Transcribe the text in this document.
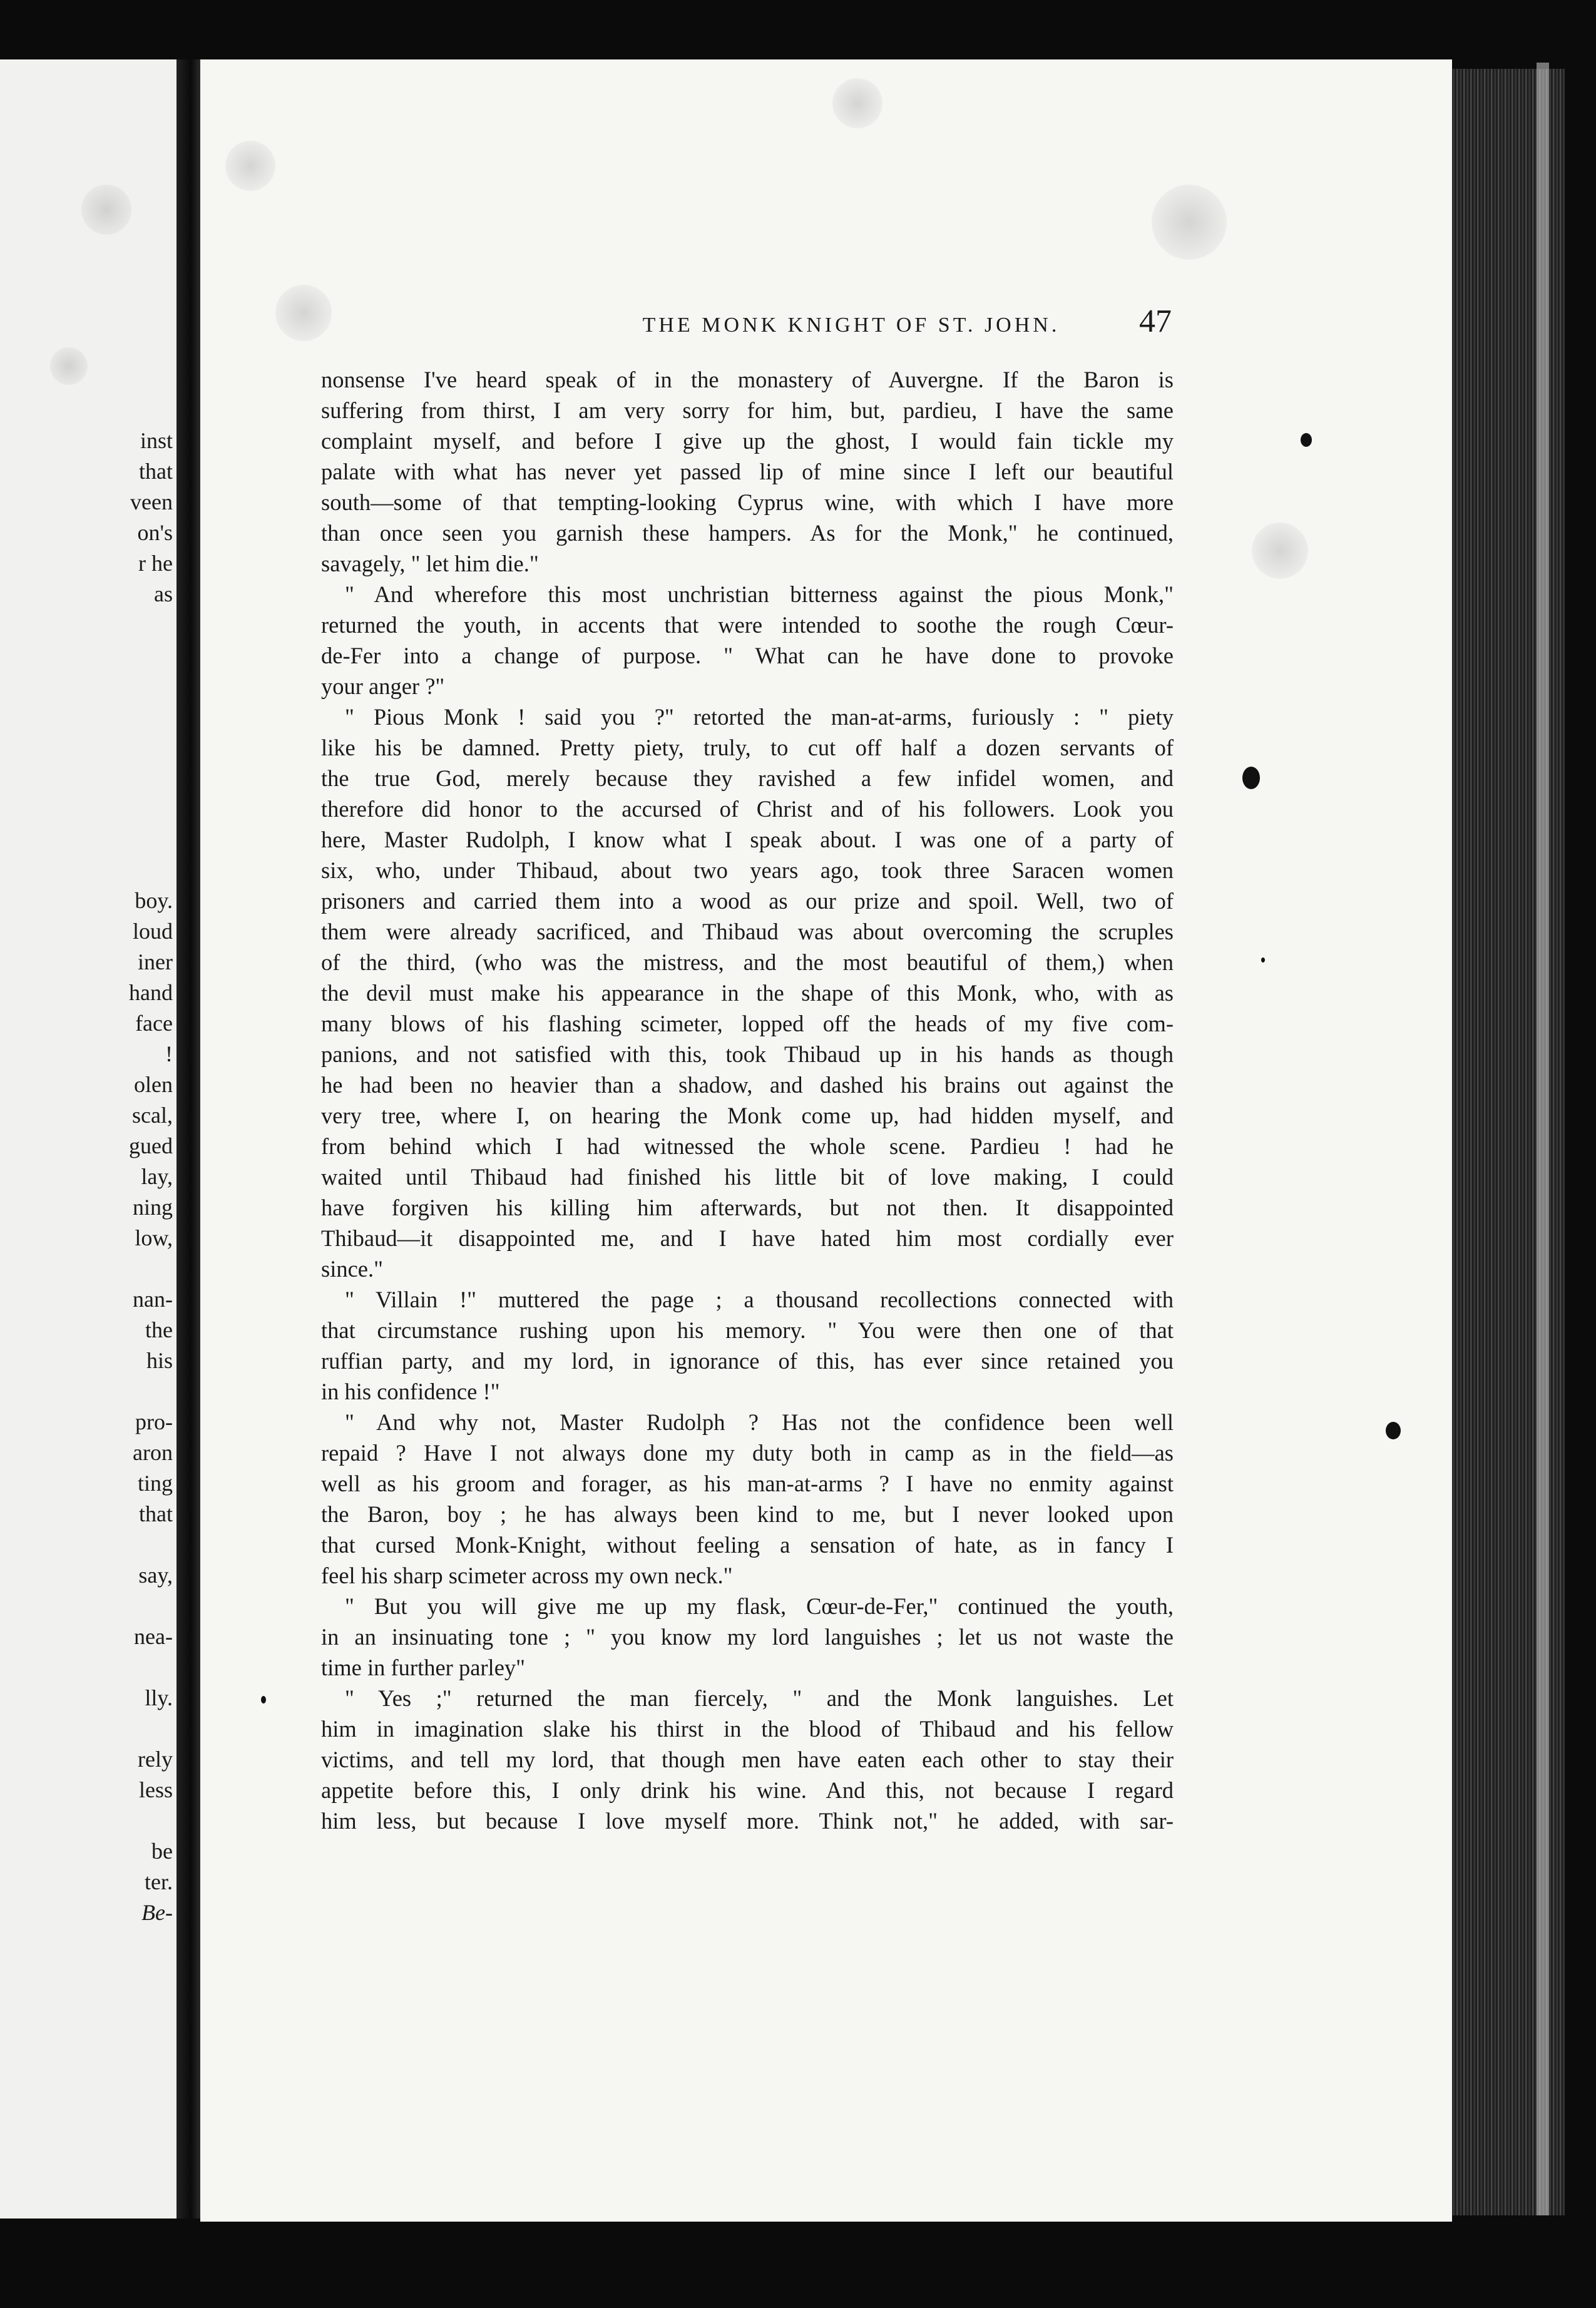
inst
that
veen
on's
r he
as
boy.
loud
iner
hand
face
!
olen
scal,
gued
lay,
ning
low,
nan-
the
his
pro-
aron
ting
that
say,
nea-
lly.
rely
less
be
ter.
Be-
THE MONK KNIGHT OF ST. JOHN.	47
nonsense I've heard speak of in the monastery of Auvergne. If the Baron is
suffering from thirst, I am very sorry for him, but, pardieu, I have the same
complaint myself, and before I give up the ghost, I would fain tickle my
palate with what has never yet passed lip of mine since I left our beautiful
south—some of that tempting-looking Cyprus wine, with which I have more
than once seen you garnish these hampers. As for the Monk," he continued,
savagely, " let him die."
" And wherefore this most unchristian bitterness against the pious Monk,"
returned the youth, in accents that were intended to soothe the rough Cœur-
de-Fer into a change of purpose. " What can he have done to provoke
your anger ?"
" Pious Monk ! said you ?" retorted the man-at-arms, furiously : " piety
like his be damned. Pretty piety, truly, to cut off half a dozen servants of
the true God, merely because they ravished a few infidel women, and
therefore did honor to the accursed of Christ and of his followers. Look you
here, Master Rudolph, I know what I speak about. I was one of a party of
six, who, under Thibaud, about two years ago, took three Saracen women
prisoners and carried them into a wood as our prize and spoil. Well, two of
them were already sacrificed, and Thibaud was about overcoming the scruples
of the third, (who was the mistress, and the most beautiful of them,) when
the devil must make his appearance in the shape of this Monk, who, with as
many blows of his flashing scimeter, lopped off the heads of my five com-
panions, and not satisfied with this, took Thibaud up in his hands as though
he had been no heavier than a shadow, and dashed his brains out against the
very tree, where I, on hearing the Monk come up, had hidden myself, and
from behind which I had witnessed the whole scene. Pardieu ! had he
waited until Thibaud had finished his little bit of love making, I could
have forgiven his killing him afterwards, but not then. It disappointed
Thibaud—it disappointed me, and I have hated him most cordially ever
since."
" Villain !" muttered the page ; a thousand recollections connected with
that circumstance rushing upon his memory. " You were then one of that
ruffian party, and my lord, in ignorance of this, has ever since retained you
in his confidence !"
" And why not, Master Rudolph ? Has not the confidence been well
repaid ? Have I not always done my duty both in camp as in the field—as
well as his groom and forager, as his man-at-arms ? I have no enmity against
the Baron, boy ; he has always been kind to me, but I never looked upon
that cursed Monk-Knight, without feeling a sensation of hate, as in fancy I
feel his sharp scimeter across my own neck."
" But you will give me up my flask, Cœur-de-Fer," continued the youth,
in an insinuating tone ; " you know my lord languishes ; let us not waste the
time in further parley"
" Yes ;" returned the man fiercely, " and the Monk languishes. Let
him in imagination slake his thirst in the blood of Thibaud and his fellow
victims, and tell my lord, that though men have eaten each other to stay their
appetite before this, I only drink his wine. And this, not because I regard
him less, but because I love myself more. Think not," he added, with sar-
